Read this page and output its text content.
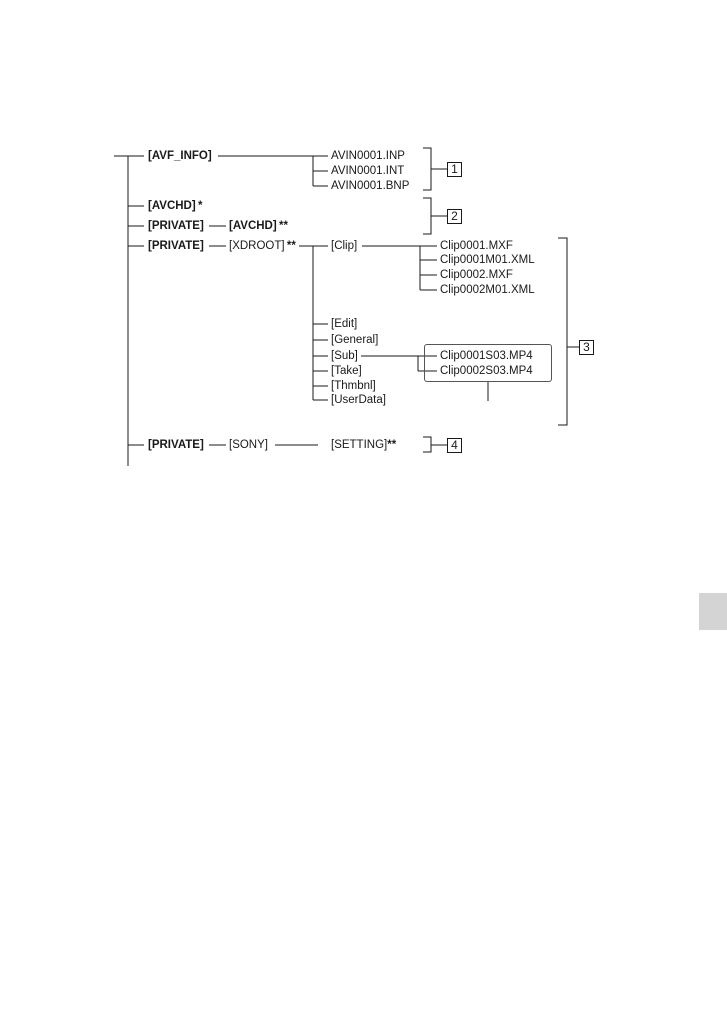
[AVF_INFO]	AVIN0001.INP
AVIN0001.INT
AVIN0001.BNP
[AVCHD]  *
[PRIVATE] [AVCHD]  **
[PRIVATE] [XDROOT]  **	[Clip]	Clip0001.MXF
Clip0001M01.XML
Clip0002.MXF
Clip0002M01.XML
[Edit]
[General]
[Sub]
[Take]
[Thmbnl]
[UserData]
Clip0001S03.MP4
Clip0002S03.MP4
[PRIVATE] [SONY]	[SETTING]**
1
2
3
4
